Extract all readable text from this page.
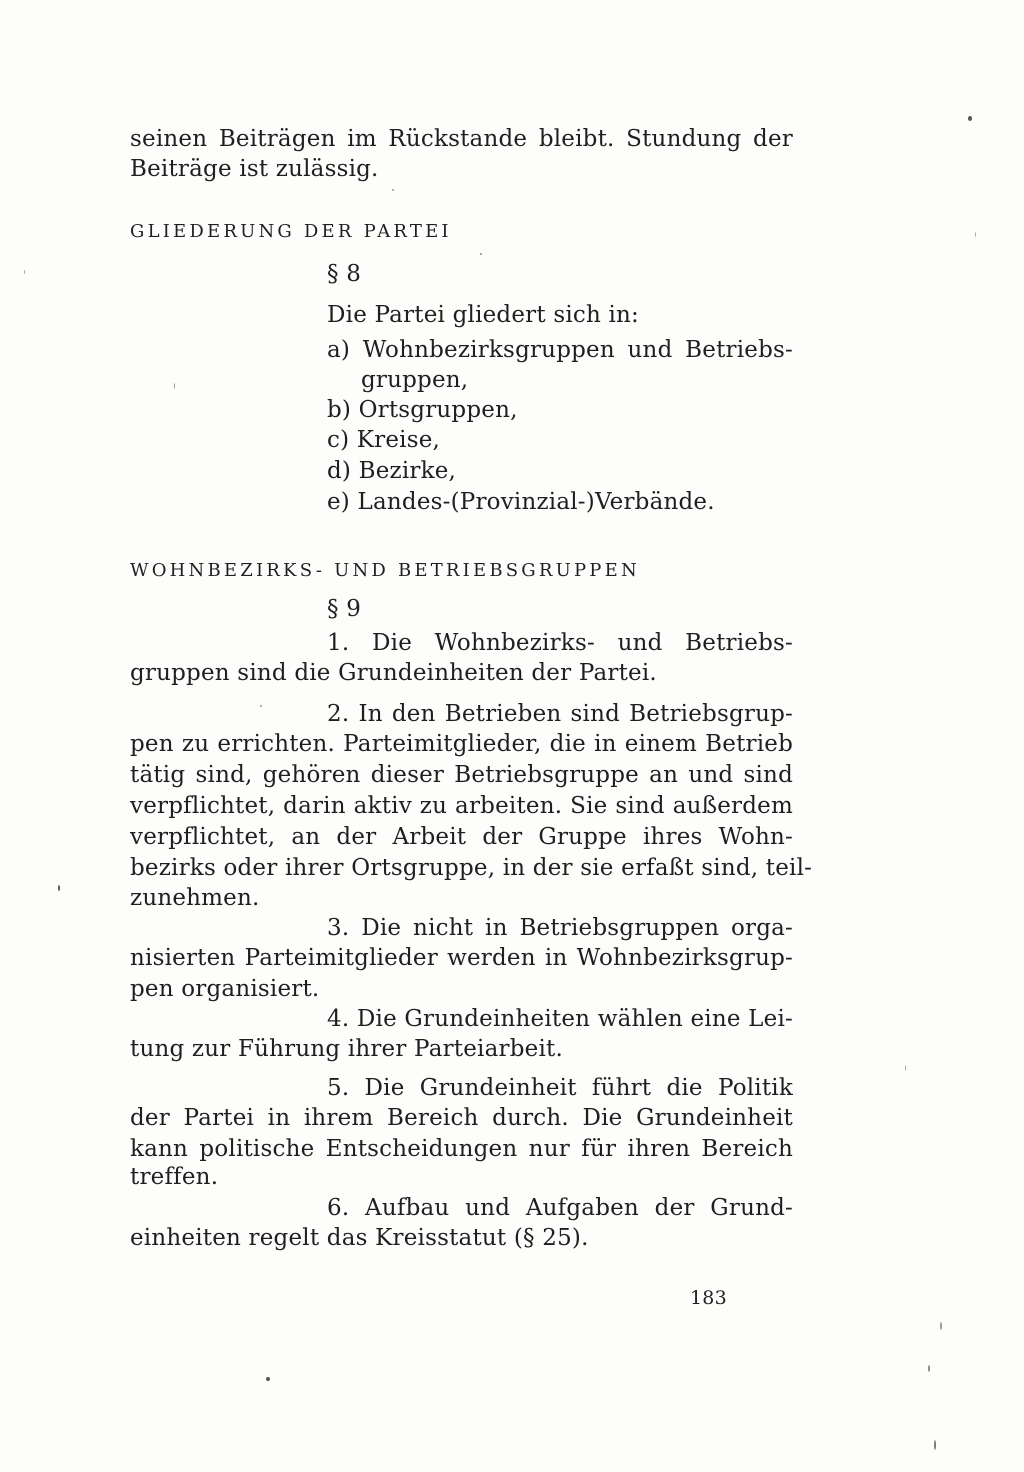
seinen Beiträgen im Rückstande bleibt. Stundung der
Beiträge ist zulässig.
GLIEDERUNG DER PARTEI
§ 8
Die Partei gliedert sich in:
a) Wohnbezirksgruppen und Betriebs-
gruppen,
b) Ortsgruppen,
c) Kreise,
d) Bezirke,
e) Landes-(Provinzial-)Verbände.
WOHNBEZIRKS- UND BETRIEBSGRUPPEN
§ 9
1. Die Wohnbezirks- und Betriebs-
gruppen sind die Grundeinheiten der Partei.
2. In den Betrieben sind Betriebsgrup-
pen zu errichten. Parteimitglieder, die in einem Betrieb
tätig sind, gehören dieser Betriebsgruppe an und sind
verpflichtet, darin aktiv zu arbeiten. Sie sind außerdem
verpflichtet, an der Arbeit der Gruppe ihres Wohn-
bezirks oder ihrer Ortsgruppe, in der sie erfaßt sind, teil-
zunehmen.
3. Die nicht in Betriebsgruppen orga-
nisierten Parteimitglieder werden in Wohnbezirksgrup-
pen organisiert.
4. Die Grundeinheiten wählen eine Lei-
tung zur Führung ihrer Parteiarbeit.
5. Die Grundeinheit führt die Politik
der Partei in ihrem Bereich durch. Die Grundeinheit
kann politische Entscheidungen nur für ihren Bereich
treffen.
6. Aufbau und Aufgaben der Grund-
einheiten regelt das Kreisstatut (§ 25).
183
